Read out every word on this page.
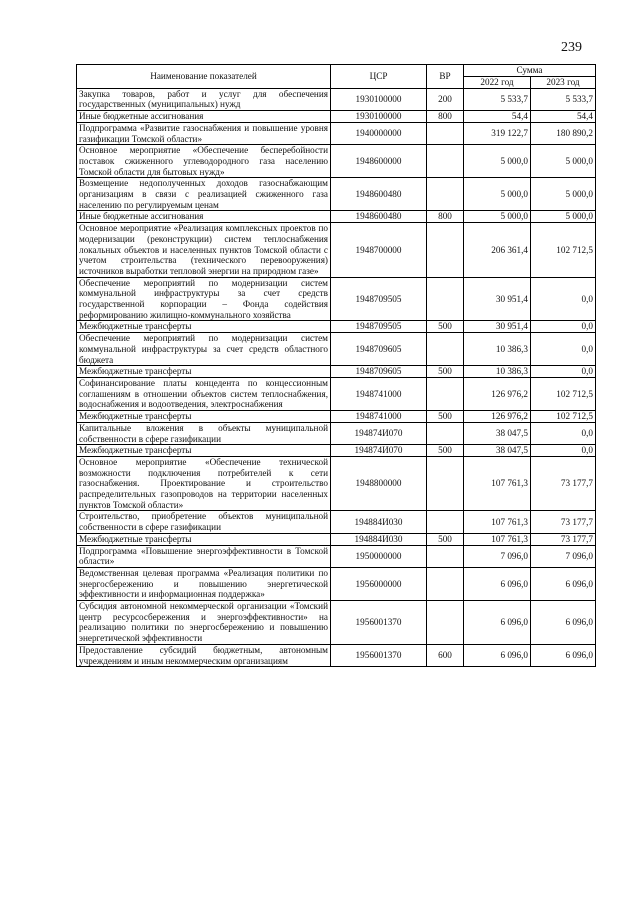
239
Наименование показателей	ЦСР	ВР	Сумма	
			2022 год	2023 год
Закупка товаров, работ и услуг для обеспечения государственных (муниципальных) нужд	1930100000	200	5 533,7	5 533,7
Иные бюджетные ассигнования	1930100000	800	54,4	54,4
Подпрограмма «Развитие газоснабжения и повышение уровня газификации Томской области»	1940000000		319 122,7	180 890,2
Основное мероприятие «Обеспечение бесперебойности поставок сжиженного углеводородного газа населению Томской области для бытовых нужд»	1948600000		5 000,0	5 000,0
Возмещение недополученных доходов газоснабжающим организациям в связи с реализацией сжиженного газа населению по регулируемым ценам	1948600480		5 000,0	5 000,0
Иные бюджетные ассигнования	1948600480	800	5 000,0	5 000,0
Основное мероприятие «Реализация комплексных проектов по модернизации (реконструкции) систем теплоснабжения локальных объектов и населенных пунктов Томской области с учетом строительства (технического перевооружения) источников выработки тепловой энергии на природном газе»	1948700000		206 361,4	102 712,5
Обеспечение мероприятий по модернизации систем коммунальной инфраструктуры за счет средств государственной корпорации – Фонда содействия реформированию жилищно-коммунального хозяйства	1948709505		30 951,4	0,0
Межбюджетные трансферты	1948709505	500	30 951,4	0,0
Обеспечение мероприятий по модернизации систем коммунальной инфраструктуры за счет средств областного бюджета	1948709605		10 386,3	0,0
Межбюджетные трансферты	1948709605	500	10 386,3	0,0
Софинансирование платы концедента по концессионным соглашениям в отношении объектов систем теплоснабжения, водоснабжения и водоотведения, электроснабжения	1948741000		126 976,2	102 712,5
Межбюджетные трансферты	1948741000	500	126 976,2	102 712,5
Капитальные вложения в объекты муниципальной собственности в сфере газификации	194874И070		38 047,5	0,0
Межбюджетные трансферты	194874И070	500	38 047,5	0,0
Основное мероприятие «Обеспечение технической возможности подключения потребителей к сети газоснабжения. Проектирование и строительство распределительных газопроводов на территории населенных пунктов Томской области»	1948800000		107 761,3	73 177,7
Строительство, приобретение объектов муниципальной собственности в сфере газификации	194884И030		107 761,3	73 177,7
Межбюджетные трансферты	194884И030	500	107 761,3	73 177,7
Подпрограмма «Повышение энергоэффективности в Томской области»	1950000000		7 096,0	7 096,0
Ведомственная целевая программа «Реализация политики по энергосбережению и повышению энергетической эффективности и информационная поддержка»	1956000000		6 096,0	6 096,0
Субсидия автономной некоммерческой организации «Томский центр ресурсосбережения и энергоэффективности» на реализацию политики по энергосбережению и повышению энергетической эффективности	1956001370		6 096,0	6 096,0
Предоставление субсидий бюджетным, автономным учреждениям и иным некоммерческим организациям	1956001370	600	6 096,0	6 096,0
